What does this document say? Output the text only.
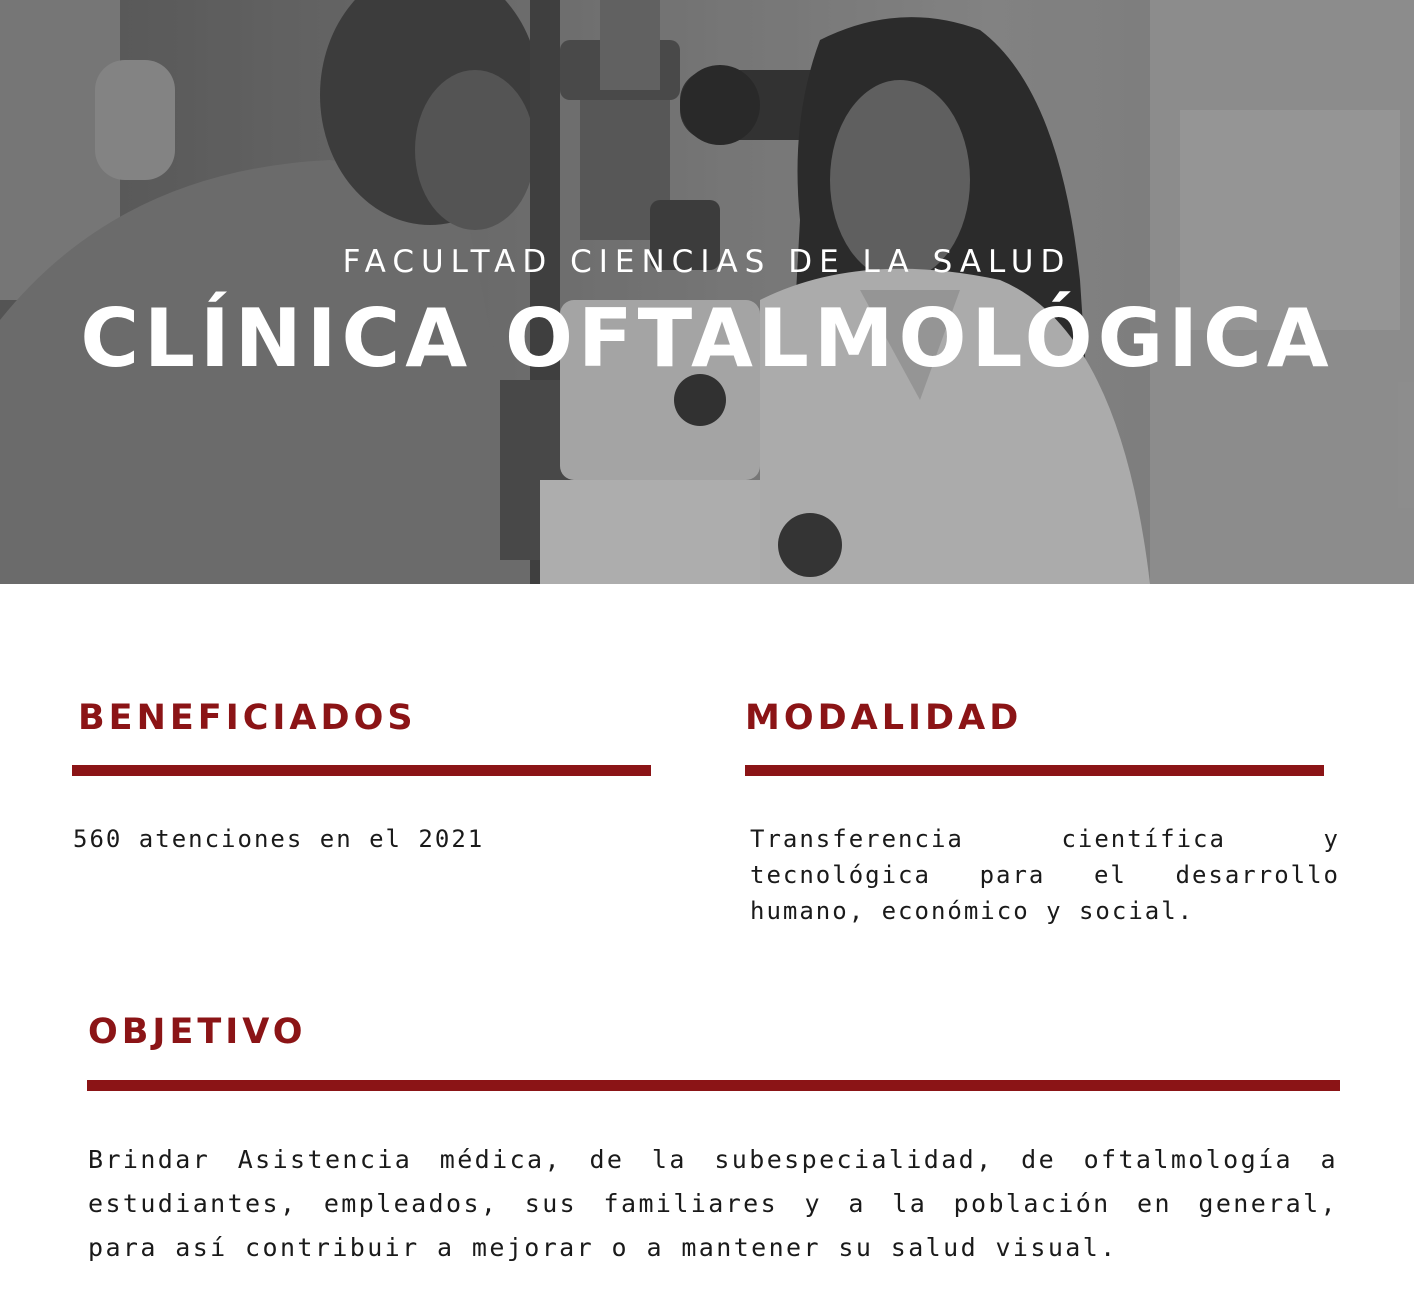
FACULTAD CIENCIAS DE LA SALUD
CLÍNICA OFTALMOLÓGICA
BENEFICIADOS
560 atenciones en el 2021
MODALIDAD
Transferencia científica y tecnológica para el desarrollo humano, económico y social.
OBJETIVO
Brindar Asistencia médica, de la subespecialidad, de oftalmología a estudiantes, empleados, sus familiares y a la población en general, para así contribuir a mejorar o a mantener su salud visual.
